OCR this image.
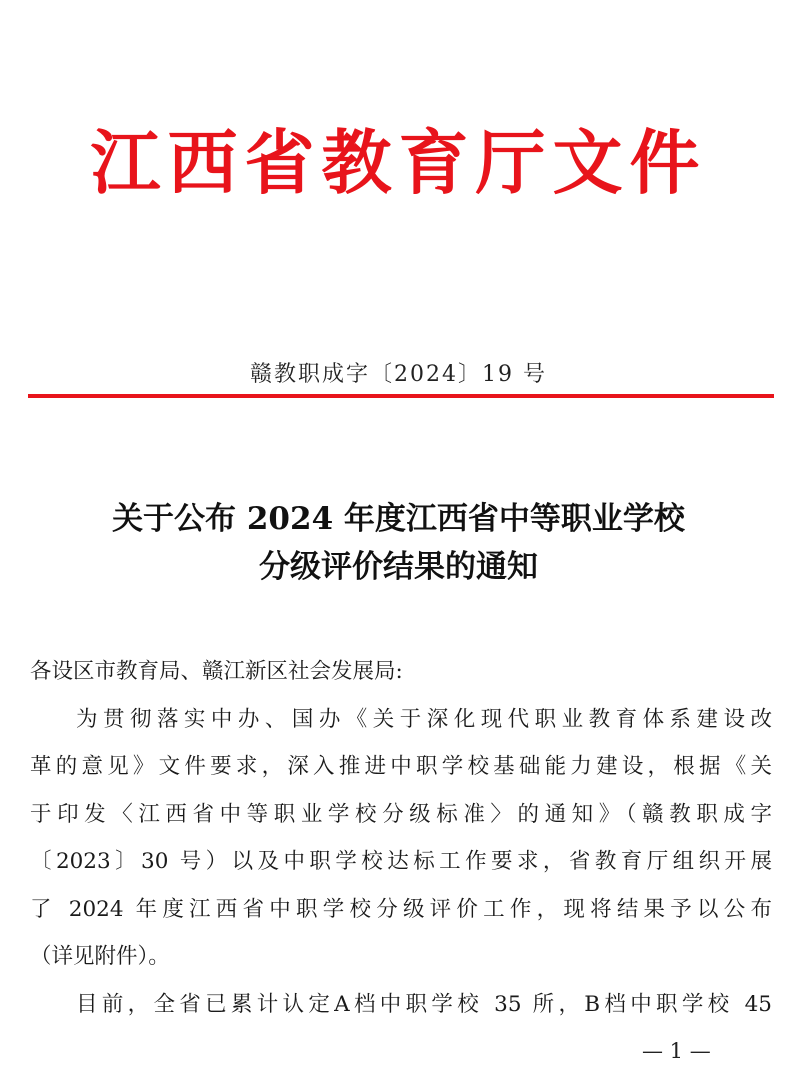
江西省教育厅文件
赣教职成字〔2024〕19 号
关于公布 2024 年度江西省中等职业学校
分级评价结果的通知
各设区市教育局、赣江新区社会发展局:
为贯彻落实中办、国办《关于深化现代职业教育体系建设改
革的意见》文件要求，深入推进中职学校基础能力建设，根据《关
于印发〈江西省中等职业学校分级标准〉的通知》（赣教职成字
〔2023〕30 号）以及中职学校达标工作要求，省教育厅组织开展
了 2024 年度江西省中职学校分级评价工作，现将结果予以公布
（详见附件）。
目前，全省已累计认定A档中职学校 35 所，B档中职学校 45
— 1 —
